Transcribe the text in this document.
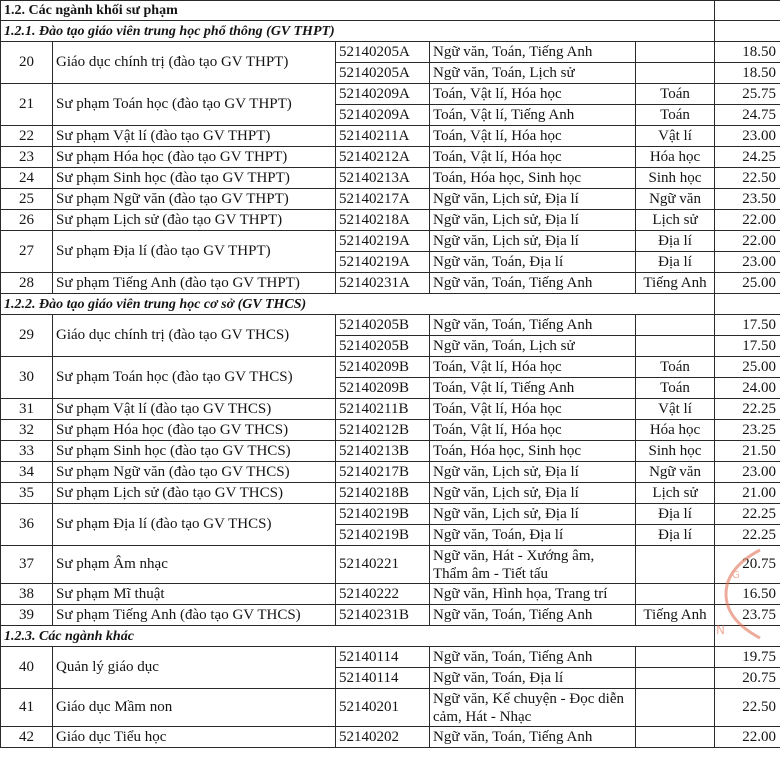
1.2. Các ngành khối sư phạm					
1.2.1. Đào tạo giáo viên trung học phổ thông (GV THPT)					
20	Giáo dục chính trị (đào tạo GV THPT)	52140205A	Ngữ văn, Toán, Tiếng Anh		18.50
		52140205A	Ngữ văn, Toán, Lịch sử		18.50
21	Sư phạm Toán học (đào tạo GV THPT)	52140209A	Toán, Vật lí, Hóa học	Toán	25.75
		52140209A	Toán, Vật lí, Tiếng Anh	Toán	24.75
22	Sư phạm Vật lí (đào tạo GV THPT)	52140211A	Toán, Vật lí, Hóa học	Vật lí	23.00
23	Sư phạm Hóa học (đào tạo GV THPT)	52140212A	Toán, Vật lí, Hóa học	Hóa học	24.25
24	Sư phạm Sinh học (đào tạo GV THPT)	52140213A	Toán, Hóa học, Sinh học	Sinh học	22.50
25	Sư phạm Ngữ văn (đào tạo GV THPT)	52140217A	Ngữ văn, Lịch sử, Địa lí	Ngữ văn	23.50
26	Sư phạm Lịch sử (đào tạo GV THPT)	52140218A	Ngữ văn, Lịch sử, Địa lí	Lịch sử	22.00
27	Sư phạm Địa lí (đào tạo GV THPT)	52140219A	Ngữ văn, Lịch sử, Địa lí	Địa lí	22.00
		52140219A	Ngữ văn, Toán, Địa lí	Địa lí	23.00
28	Sư phạm Tiếng Anh (đào tạo GV THPT)	52140231A	Ngữ văn, Toán, Tiếng Anh	Tiếng Anh	25.00
1.2.2. Đào tạo giáo viên trung học cơ sở (GV THCS)					
29	Giáo dục chính trị (đào tạo GV THCS)	52140205B	Ngữ văn, Toán, Tiếng Anh		17.50
		52140205B	Ngữ văn, Toán, Lịch sử		17.50
30	Sư phạm Toán học (đào tạo GV THCS)	52140209B	Toán, Vật lí, Hóa học	Toán	25.00
		52140209B	Toán, Vật lí, Tiếng Anh	Toán	24.00
31	Sư phạm Vật lí (đào tạo GV THCS)	52140211B	Toán, Vật lí, Hóa học	Vật lí	22.25
32	Sư phạm Hóa học (đào tạo GV THCS)	52140212B	Toán, Vật lí, Hóa học	Hóa học	23.25
33	Sư phạm Sinh học (đào tạo GV THCS)	52140213B	Toán, Hóa học, Sinh học	Sinh học	21.50
34	Sư phạm Ngữ văn (đào tạo GV THCS)	52140217B	Ngữ văn, Lịch sử, Địa lí	Ngữ văn	23.00
35	Sư phạm Lịch sử (đào tạo GV THCS)	52140218B	Ngữ văn, Lịch sử, Địa lí	Lịch sử	21.00
36	Sư phạm Địa lí (đào tạo GV THCS)	52140219B	Ngữ văn, Lịch sử, Địa lí	Địa lí	22.25
		52140219B	Ngữ văn, Toán, Địa lí	Địa lí	22.25
37	Sư phạm Âm nhạc	52140221	Ngữ văn, Hát - Xướng âm, Thẩm âm - Tiết tấu		20.75
38	Sư phạm Mĩ thuật	52140222	Ngữ văn, Hình họa, Trang trí		16.50
39	Sư phạm Tiếng Anh (đào tạo GV THCS)	52140231B	Ngữ văn, Toán, Tiếng Anh	Tiếng Anh	23.75
1.2.3. Các ngành khác					
40	Quản lý giáo dục	52140114	Ngữ văn, Toán, Tiếng Anh		19.75
		52140114	Ngữ văn, Toán, Địa lí		20.75
41	Giáo dục Mầm non	52140201	Ngữ văn, Kể chuyện - Đọc diễn cảm, Hát - Nhạc		22.50
42	Giáo dục Tiểu học	52140202	Ngữ văn, Toán, Tiếng Anh		22.00
G
N
